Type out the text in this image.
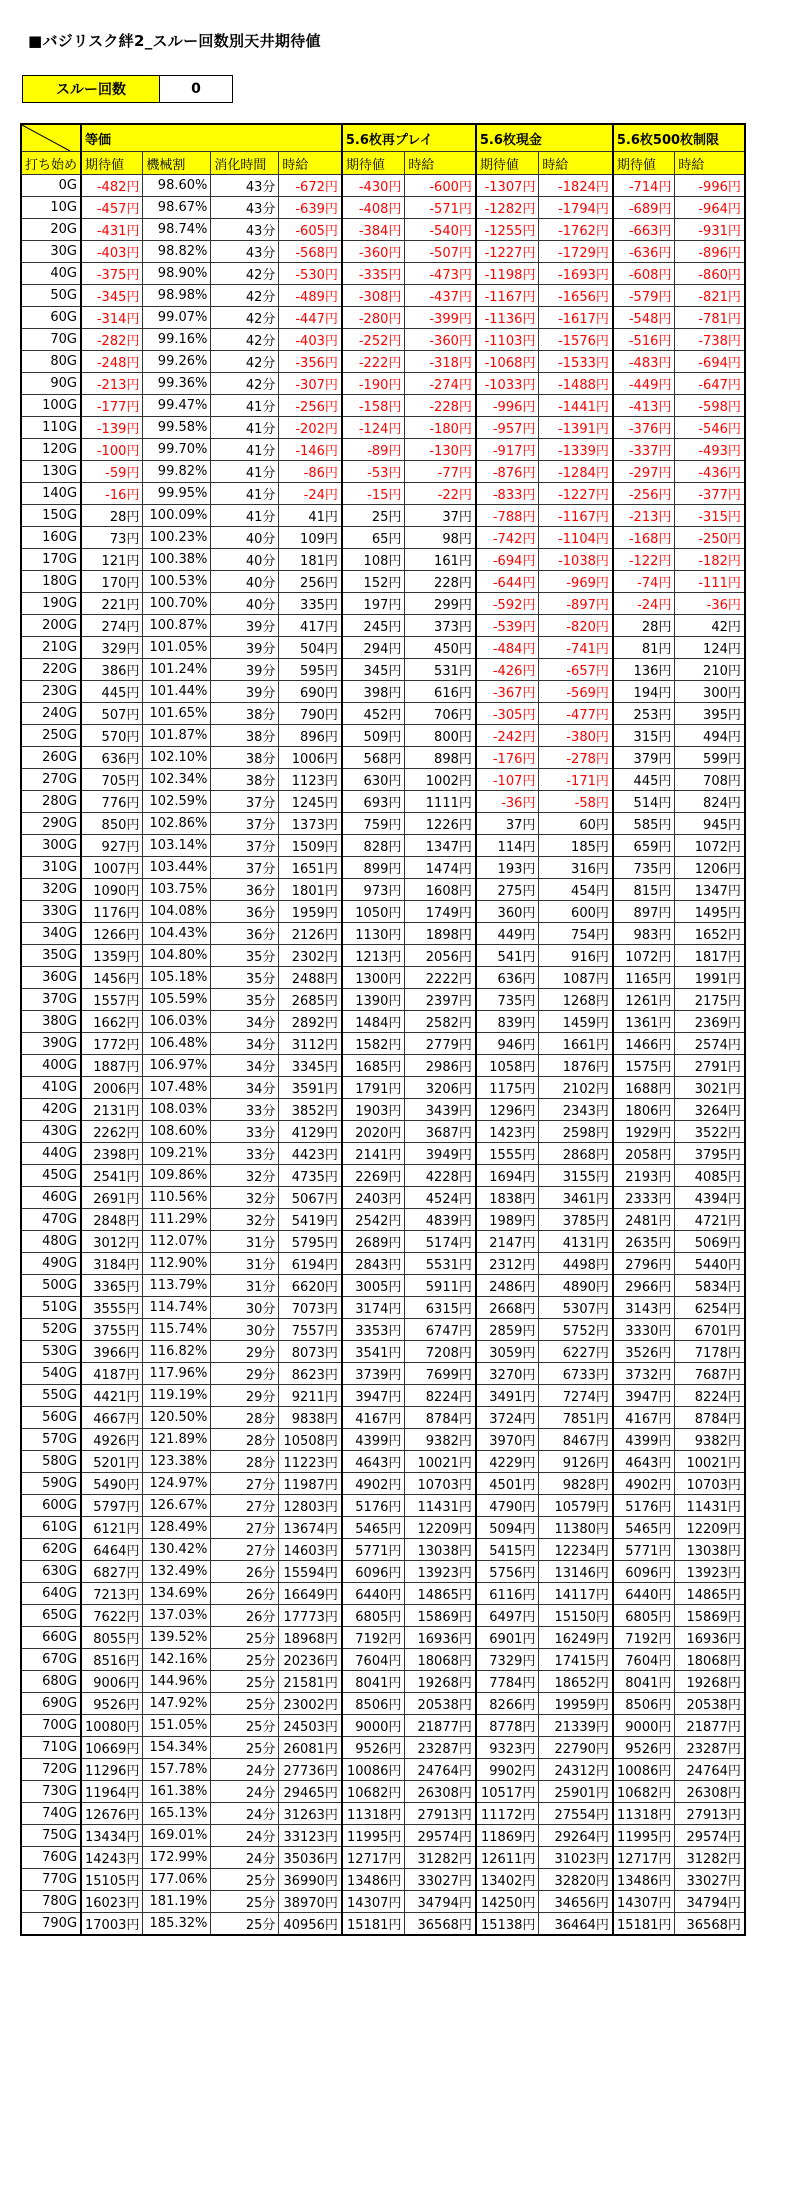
■バジリスク絆2_スルー回数別天井期待値
スルー回数	0
	等価				5.6枚再プレイ		5.6枚現金		5.6枚500枚制限	
打ち始め	期待値	機械割	消化時間	時給	期待値	時給	期待値	時給	期待値	時給
0G	-482円	98.60%	43分	-672円	-430円	-600円	-1307円	-1824円	-714円	-996円
10G	-457円	98.67%	43分	-639円	-408円	-571円	-1282円	-1794円	-689円	-964円
20G	-431円	98.74%	43分	-605円	-384円	-540円	-1255円	-1762円	-663円	-931円
30G	-403円	98.82%	43分	-568円	-360円	-507円	-1227円	-1729円	-636円	-896円
40G	-375円	98.90%	42分	-530円	-335円	-473円	-1198円	-1693円	-608円	-860円
50G	-345円	98.98%	42分	-489円	-308円	-437円	-1167円	-1656円	-579円	-821円
60G	-314円	99.07%	42分	-447円	-280円	-399円	-1136円	-1617円	-548円	-781円
70G	-282円	99.16%	42分	-403円	-252円	-360円	-1103円	-1576円	-516円	-738円
80G	-248円	99.26%	42分	-356円	-222円	-318円	-1068円	-1533円	-483円	-694円
90G	-213円	99.36%	42分	-307円	-190円	-274円	-1033円	-1488円	-449円	-647円
100G	-177円	99.47%	41分	-256円	-158円	-228円	-996円	-1441円	-413円	-598円
110G	-139円	99.58%	41分	-202円	-124円	-180円	-957円	-1391円	-376円	-546円
120G	-100円	99.70%	41分	-146円	-89円	-130円	-917円	-1339円	-337円	-493円
130G	-59円	99.82%	41分	-86円	-53円	-77円	-876円	-1284円	-297円	-436円
140G	-16円	99.95%	41分	-24円	-15円	-22円	-833円	-1227円	-256円	-377円
150G	28円	100.09%	41分	41円	25円	37円	-788円	-1167円	-213円	-315円
160G	73円	100.23%	40分	109円	65円	98円	-742円	-1104円	-168円	-250円
170G	121円	100.38%	40分	181円	108円	161円	-694円	-1038円	-122円	-182円
180G	170円	100.53%	40分	256円	152円	228円	-644円	-969円	-74円	-111円
190G	221円	100.70%	40分	335円	197円	299円	-592円	-897円	-24円	-36円
200G	274円	100.87%	39分	417円	245円	373円	-539円	-820円	28円	42円
210G	329円	101.05%	39分	504円	294円	450円	-484円	-741円	81円	124円
220G	386円	101.24%	39分	595円	345円	531円	-426円	-657円	136円	210円
230G	445円	101.44%	39分	690円	398円	616円	-367円	-569円	194円	300円
240G	507円	101.65%	38分	790円	452円	706円	-305円	-477円	253円	395円
250G	570円	101.87%	38分	896円	509円	800円	-242円	-380円	315円	494円
260G	636円	102.10%	38分	1006円	568円	898円	-176円	-278円	379円	599円
270G	705円	102.34%	38分	1123円	630円	1002円	-107円	-171円	445円	708円
280G	776円	102.59%	37分	1245円	693円	1111円	-36円	-58円	514円	824円
290G	850円	102.86%	37分	1373円	759円	1226円	37円	60円	585円	945円
300G	927円	103.14%	37分	1509円	828円	1347円	114円	185円	659円	1072円
310G	1007円	103.44%	37分	1651円	899円	1474円	193円	316円	735円	1206円
320G	1090円	103.75%	36分	1801円	973円	1608円	275円	454円	815円	1347円
330G	1176円	104.08%	36分	1959円	1050円	1749円	360円	600円	897円	1495円
340G	1266円	104.43%	36分	2126円	1130円	1898円	449円	754円	983円	1652円
350G	1359円	104.80%	35分	2302円	1213円	2056円	541円	916円	1072円	1817円
360G	1456円	105.18%	35分	2488円	1300円	2222円	636円	1087円	1165円	1991円
370G	1557円	105.59%	35分	2685円	1390円	2397円	735円	1268円	1261円	2175円
380G	1662円	106.03%	34分	2892円	1484円	2582円	839円	1459円	1361円	2369円
390G	1772円	106.48%	34分	3112円	1582円	2779円	946円	1661円	1466円	2574円
400G	1887円	106.97%	34分	3345円	1685円	2986円	1058円	1876円	1575円	2791円
410G	2006円	107.48%	34分	3591円	1791円	3206円	1175円	2102円	1688円	3021円
420G	2131円	108.03%	33分	3852円	1903円	3439円	1296円	2343円	1806円	3264円
430G	2262円	108.60%	33分	4129円	2020円	3687円	1423円	2598円	1929円	3522円
440G	2398円	109.21%	33分	4423円	2141円	3949円	1555円	2868円	2058円	3795円
450G	2541円	109.86%	32分	4735円	2269円	4228円	1694円	3155円	2193円	4085円
460G	2691円	110.56%	32分	5067円	2403円	4524円	1838円	3461円	2333円	4394円
470G	2848円	111.29%	32分	5419円	2542円	4839円	1989円	3785円	2481円	4721円
480G	3012円	112.07%	31分	5795円	2689円	5174円	2147円	4131円	2635円	5069円
490G	3184円	112.90%	31分	6194円	2843円	5531円	2312円	4498円	2796円	5440円
500G	3365円	113.79%	31分	6620円	3005円	5911円	2486円	4890円	2966円	5834円
510G	3555円	114.74%	30分	7073円	3174円	6315円	2668円	5307円	3143円	6254円
520G	3755円	115.74%	30分	7557円	3353円	6747円	2859円	5752円	3330円	6701円
530G	3966円	116.82%	29分	8073円	3541円	7208円	3059円	6227円	3526円	7178円
540G	4187円	117.96%	29分	8623円	3739円	7699円	3270円	6733円	3732円	7687円
550G	4421円	119.19%	29分	9211円	3947円	8224円	3491円	7274円	3947円	8224円
560G	4667円	120.50%	28分	9838円	4167円	8784円	3724円	7851円	4167円	8784円
570G	4926円	121.89%	28分	10508円	4399円	9382円	3970円	8467円	4399円	9382円
580G	5201円	123.38%	28分	11223円	4643円	10021円	4229円	9126円	4643円	10021円
590G	5490円	124.97%	27分	11987円	4902円	10703円	4501円	9828円	4902円	10703円
600G	5797円	126.67%	27分	12803円	5176円	11431円	4790円	10579円	5176円	11431円
610G	6121円	128.49%	27分	13674円	5465円	12209円	5094円	11380円	5465円	12209円
620G	6464円	130.42%	27分	14603円	5771円	13038円	5415円	12234円	5771円	13038円
630G	6827円	132.49%	26分	15594円	6096円	13923円	5756円	13146円	6096円	13923円
640G	7213円	134.69%	26分	16649円	6440円	14865円	6116円	14117円	6440円	14865円
650G	7622円	137.03%	26分	17773円	6805円	15869円	6497円	15150円	6805円	15869円
660G	8055円	139.52%	25分	18968円	7192円	16936円	6901円	16249円	7192円	16936円
670G	8516円	142.16%	25分	20236円	7604円	18068円	7329円	17415円	7604円	18068円
680G	9006円	144.96%	25分	21581円	8041円	19268円	7784円	18652円	8041円	19268円
690G	9526円	147.92%	25分	23002円	8506円	20538円	8266円	19959円	8506円	20538円
700G	10080円	151.05%	25分	24503円	9000円	21877円	8778円	21339円	9000円	21877円
710G	10669円	154.34%	25分	26081円	9526円	23287円	9323円	22790円	9526円	23287円
720G	11296円	157.78%	24分	27736円	10086円	24764円	9902円	24312円	10086円	24764円
730G	11964円	161.38%	24分	29465円	10682円	26308円	10517円	25901円	10682円	26308円
740G	12676円	165.13%	24分	31263円	11318円	27913円	11172円	27554円	11318円	27913円
750G	13434円	169.01%	24分	33123円	11995円	29574円	11869円	29264円	11995円	29574円
760G	14243円	172.99%	24分	35036円	12717円	31282円	12611円	31023円	12717円	31282円
770G	15105円	177.06%	25分	36990円	13486円	33027円	13402円	32820円	13486円	33027円
780G	16023円	181.19%	25分	38970円	14307円	34794円	14250円	34656円	14307円	34794円
790G	17003円	185.32%	25分	40956円	15181円	36568円	15138円	36464円	15181円	36568円
